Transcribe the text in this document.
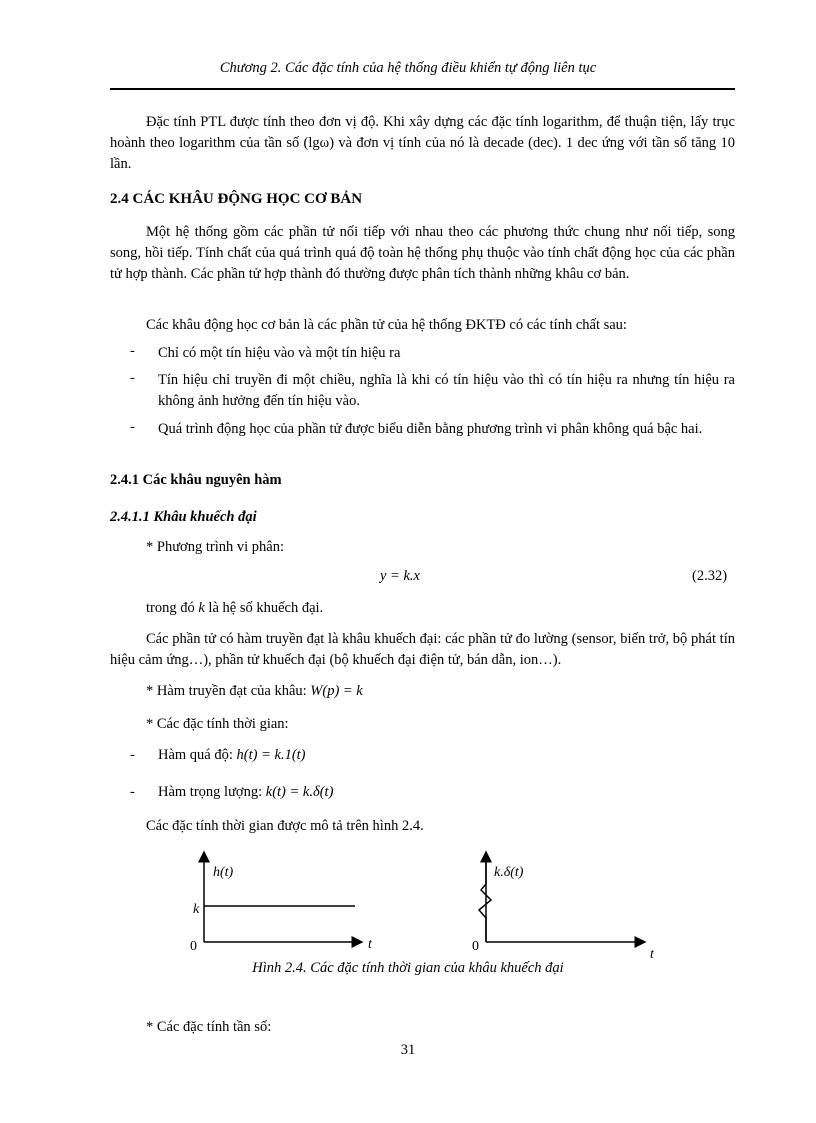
Chương 2. Các đặc tính của hệ thống điều khiển tự động liên tục
Đặc tính PTL được tính theo đơn vị độ. Khi xây dựng các đặc tính logarithm, để thuận tiện, lấy trục hoành theo logarithm của tần số (lgω) và đơn vị tính của nó là decade (dec). 1 dec ứng với tần số tăng 10 lần.
2.4 CÁC KHÂU ĐỘNG HỌC CƠ BẢN
Một hệ thống gồm các phần tử nối tiếp với nhau theo các phương thức chung như nối tiếp, song song, hồi tiếp. Tính chất của quá trình quá độ toàn hệ thống phụ thuộc vào tính chất động học của các phần tử hợp thành. Các phần tử hợp thành đó thường được phân tích thành những khâu cơ bản.
Các khâu động học cơ bản là các phần tử của hệ thống ĐKTĐ có các tính chất sau:
- Chỉ có một tín hiệu vào và một tín hiệu ra
- Tín hiệu chỉ truyền đi một chiều, nghĩa là khi có tín hiệu vào thì có tín hiệu ra nhưng tín hiệu ra không ảnh hưởng đến tín hiệu vào.
- Quá trình động học của phần tử được biểu diễn bằng phương trình vi phân không quá bậc hai.
2.4.1 Các khâu nguyên hàm
2.4.1.1 Khâu khuếch đại
* Phương trình vi phân:
y = k.x	(2.32)
trong đó k là hệ số khuếch đại.
Các phần tử có hàm truyền đạt là khâu khuếch đại: các phần tử đo lường (sensor, biến trở, bộ phát tín hiệu cảm ứng…), phần tử khuếch đại (bộ khuếch đại điện tử, bán dẫn, ion…).
* Hàm truyền đạt của khâu: W(p) = k
* Các đặc tính thời gian:
- Hàm quá độ: h(t) = k.1(t)
- Hàm trọng lượng: k(t) = k.δ(t)
Các đặc tính thời gian được mô tả trên hình 2.4.
h(t)
k
0	t
k.δ(t)
0
t
Hình 2.4. Các đặc tính thời gian của khâu khuếch đại
* Các đặc tính tần số:
31
